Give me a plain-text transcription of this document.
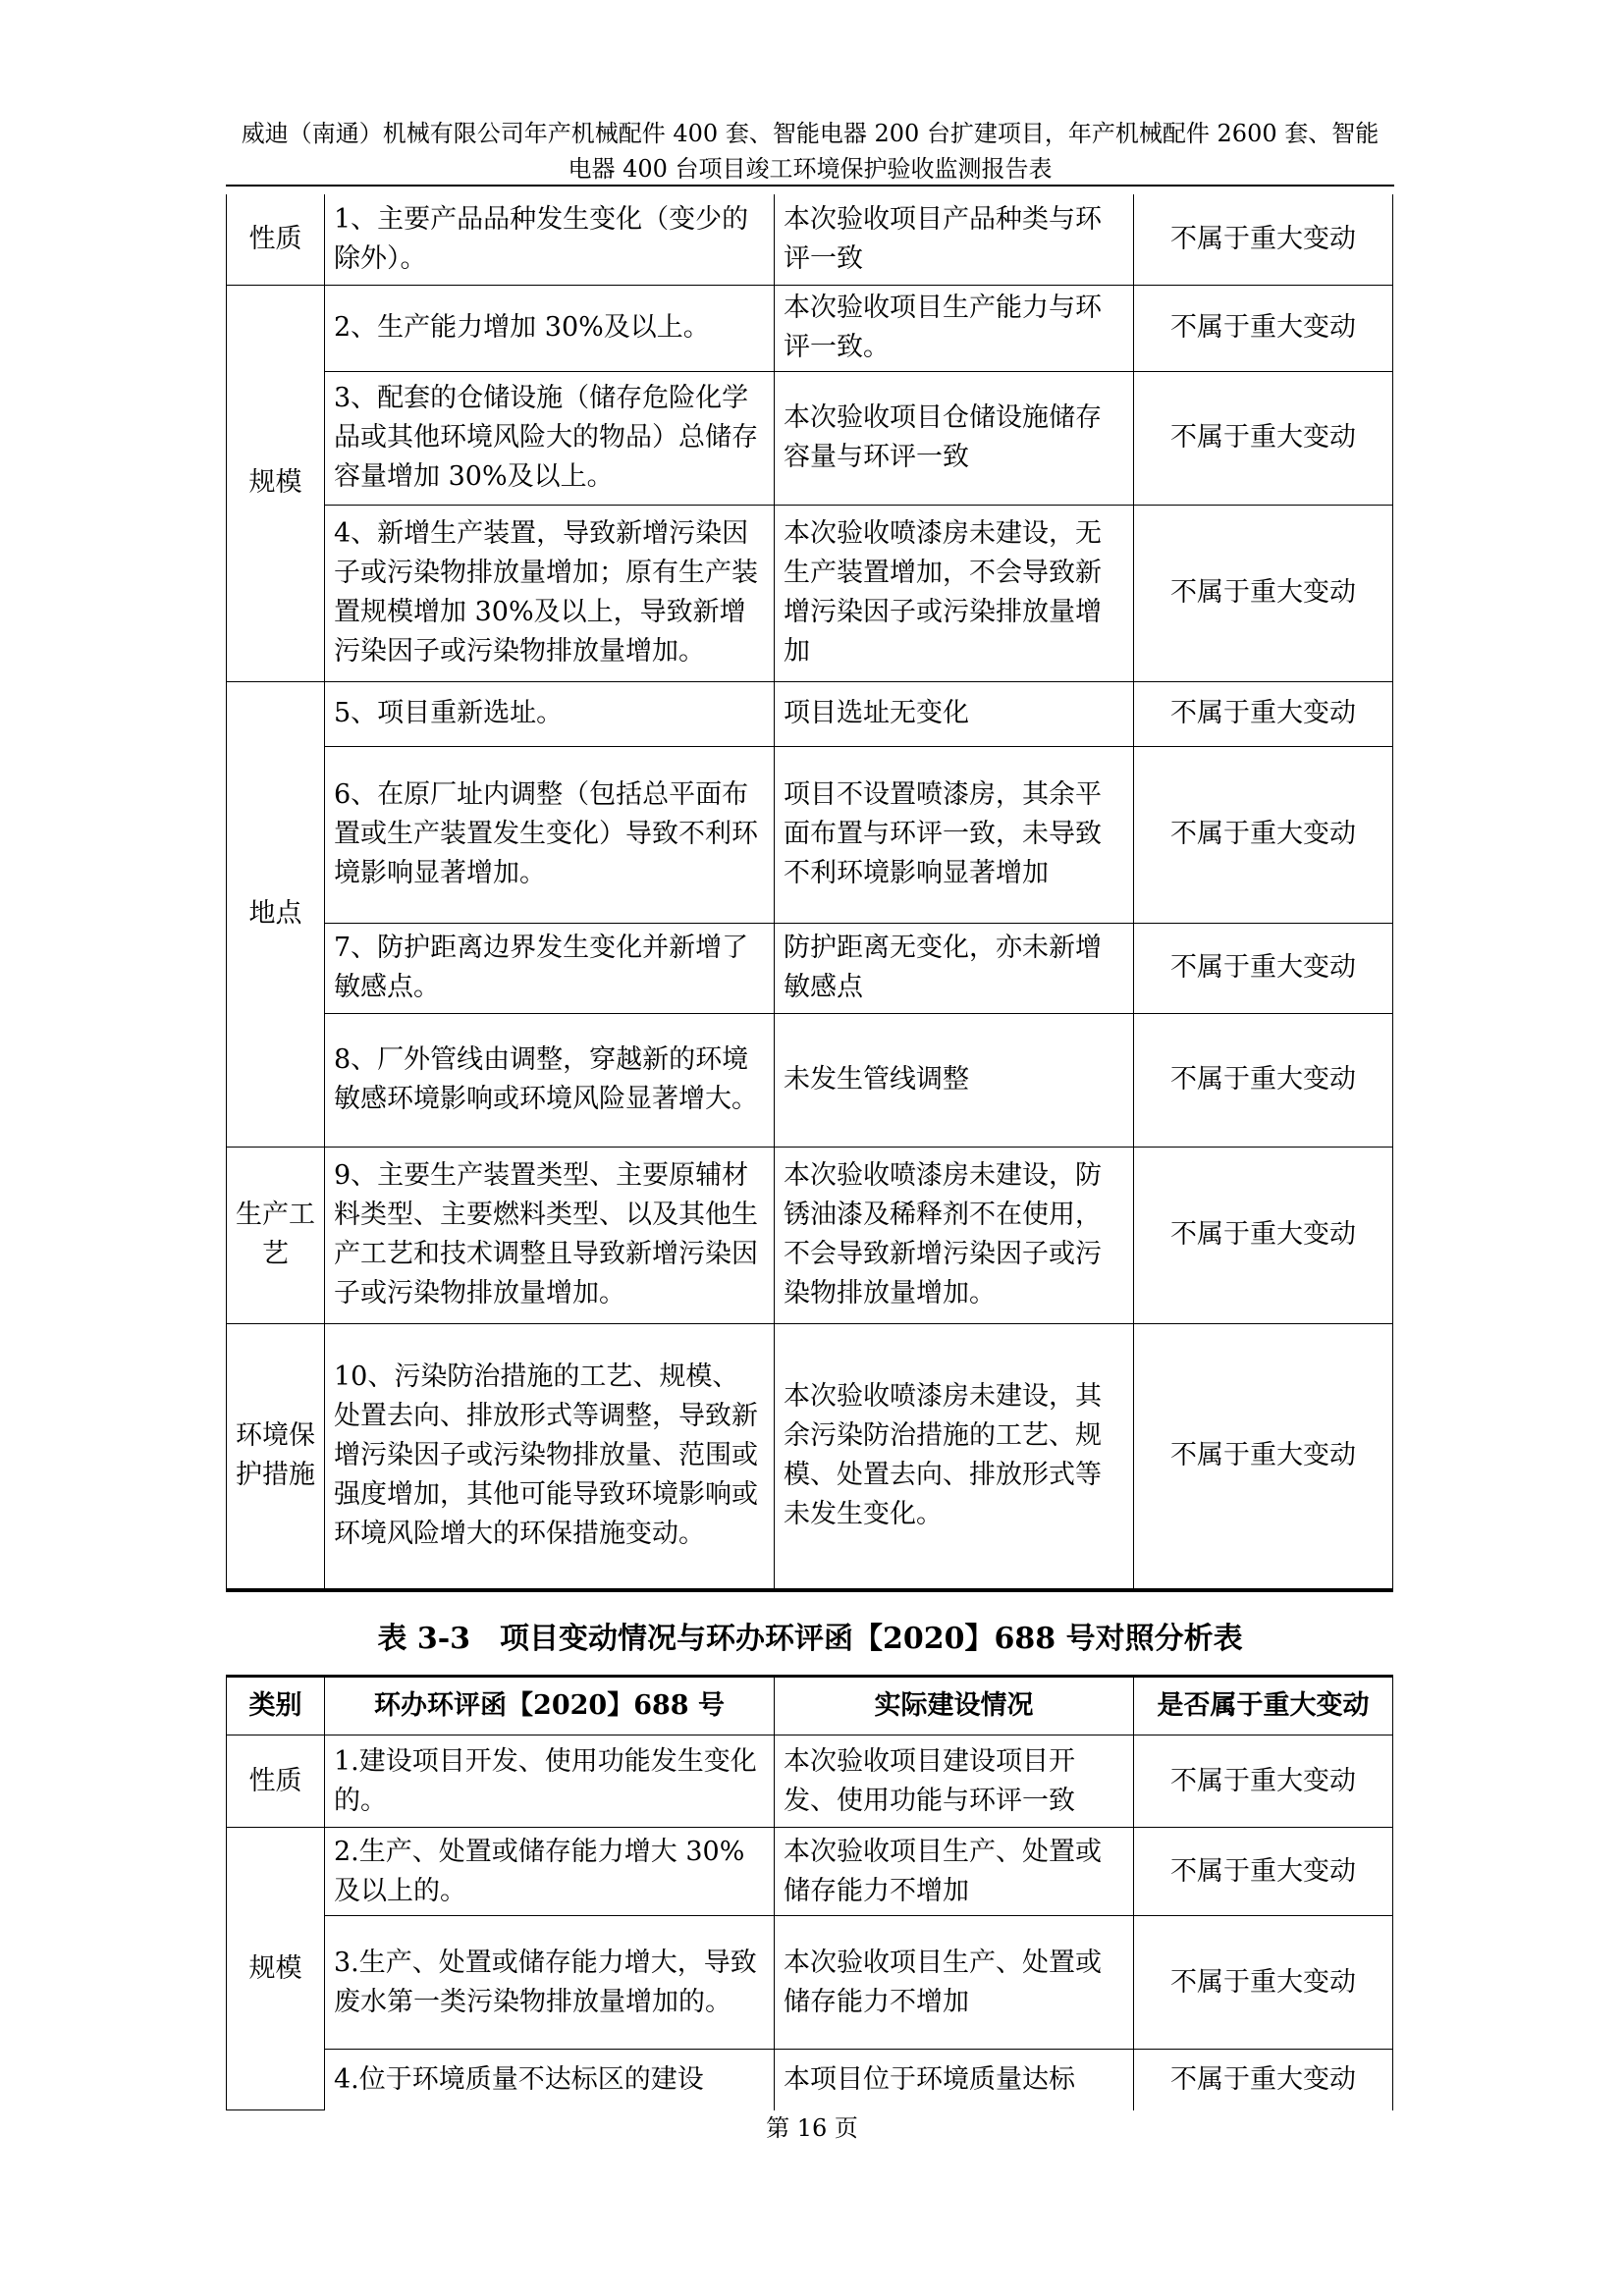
威迪（南通）机械有限公司年产机械配件 400 套、智能电器 200 台扩建项目，年产机械配件 2600 套、智能
电器 400 台项目竣工环境保护验收监测报告表
性质	1、主要产品品种发生变化（变少的除外）。	本次验收项目产品种类与环评一致	不属于重大变动
规模	2、生产能力增加 30%及以上。	本次验收项目生产能力与环评一致。	不属于重大变动
	3、配套的仓储设施（储存危险化学品或其他环境风险大的物品）总储存容量增加 30%及以上。	本次验收项目仓储设施储存容量与环评一致	不属于重大变动
	4、新增生产装置，导致新增污染因子或污染物排放量增加；原有生产装置规模增加 30%及以上，导致新增污染因子或污染物排放量增加。	本次验收喷漆房未建设，无生产装置增加，不会导致新增污染因子或污染排放量增加	不属于重大变动
地点	5、项目重新选址。	项目选址无变化	不属于重大变动
	6、在原厂址内调整（包括总平面布置或生产装置发生变化）导致不利环境影响显著增加。	项目不设置喷漆房，其余平面布置与环评一致，未导致不利环境影响显著增加	不属于重大变动
	7、防护距离边界发生变化并新增了敏感点。	防护距离无变化，亦未新增敏感点	不属于重大变动
	8、厂外管线由调整，穿越新的环境敏感环境影响或环境风险显著增大。	未发生管线调整	不属于重大变动
生产工艺	9、主要生产装置类型、主要原辅材料类型、主要燃料类型、以及其他生产工艺和技术调整且导致新增污染因子或污染物排放量增加。	本次验收喷漆房未建设，防锈油漆及稀释剂不在使用，不会导致新增污染因子或污染物排放量增加。	不属于重大变动
环境保护措施	10、污染防治措施的工艺、规模、处置去向、排放形式等调整，导致新增污染因子或污染物排放量、范围或强度增加，其他可能导致环境影响或环境风险增大的环保措施变动。	本次验收喷漆房未建设，其余污染防治措施的工艺、规模、处置去向、排放形式等未发生变化。	不属于重大变动
表 3-3　项目变动情况与环办环评函【2020】688 号对照分析表
类别	环办环评函【2020】688 号	实际建设情况	是否属于重大变动
性质	1.建设项目开发、使用功能发生变化的。	本次验收项目建设项目开发、使用功能与环评一致	不属于重大变动
规模	2.生产、处置或储存能力增大 30%及以上的。	本次验收项目生产、处置或储存能力不增加	不属于重大变动
	3.生产、处置或储存能力增大，导致废水第一类污染物排放量增加的。	本次验收项目生产、处置或储存能力不增加	不属于重大变动
	4.位于环境质量不达标区的建设	本项目位于环境质量达标	不属于重大变动
第 16 页
